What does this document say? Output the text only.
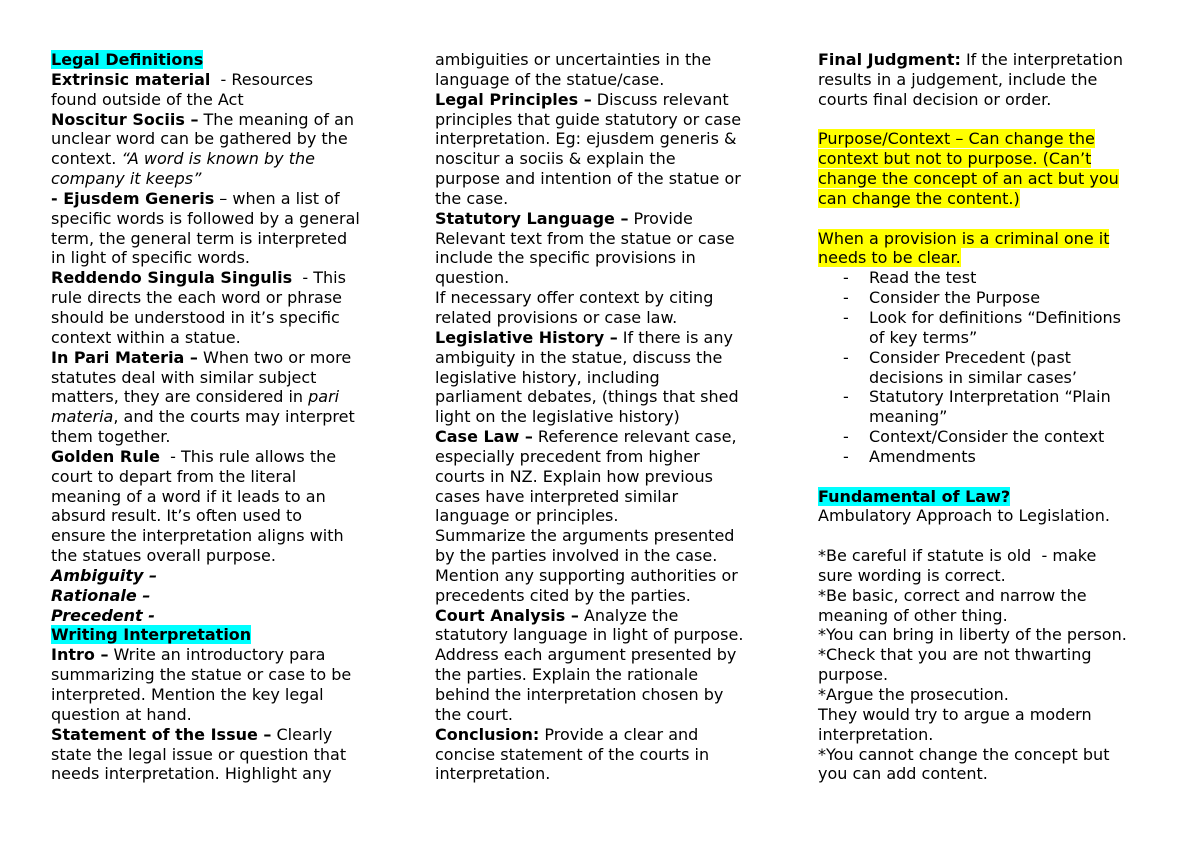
Legal Definitions
Extrinsic material  - Resources
found outside of the Act
Noscitur Sociis – The meaning of an
unclear word can be gathered by the
context. “A word is known by the
company it keeps”
- Ejusdem Generis – when a list of
specific words is followed by a general
term, the general term is interpreted
in light of specific words.
Reddendo Singula Singulis  - This
rule directs the each word or phrase
should be understood in it’s specific
context within a statue.
In Pari Materia – When two or more
statutes deal with similar subject
matters, they are considered in pari
materia, and the courts may interpret
them together.
Golden Rule  - This rule allows the
court to depart from the literal
meaning of a word if it leads to an
absurd result. It’s often used to
ensure the interpretation aligns with
the statues overall purpose.
Ambiguity –
Rationale –
Precedent -
Writing Interpretation
Intro – Write an introductory para
summarizing the statue or case to be
interpreted. Mention the key legal
question at hand.
Statement of the Issue – Clearly
state the legal issue or question that
needs interpretation. Highlight any
ambiguities or uncertainties in the
language of the statue/case.
Legal Principles – Discuss relevant
principles that guide statutory or case
interpretation. Eg: ejusdem generis &
noscitur a sociis & explain the
purpose and intention of the statue or
the case.
Statutory Language – Provide
Relevant text from the statue or case
include the specific provisions in
question.
If necessary offer context by citing
related provisions or case law.
Legislative History – If there is any
ambiguity in the statue, discuss the
legislative history, including
parliament debates, (things that shed
light on the legislative history)
Case Law – Reference relevant case,
especially precedent from higher
courts in NZ. Explain how previous
cases have interpreted similar
language or principles.
Summarize the arguments presented
by the parties involved in the case.
Mention any supporting authorities or
precedents cited by the parties.
Court Analysis – Analyze the
statutory language in light of purpose.
Address each argument presented by
the parties. Explain the rationale
behind the interpretation chosen by
the court.
Conclusion: Provide a clear and
concise statement of the courts in
interpretation.
Final Judgment: If the interpretation
results in a judgement, include the
courts final decision or order.
Purpose/Context – Can change the
context but not to purpose. (Can’t
change the concept of an act but you
can change the content.)
When a provision is a criminal one it
needs to be clear.
- Read the test
- Consider the Purpose
- Look for definitions “Definitions
of key terms”
- Consider Precedent (past
decisions in similar cases’
- Statutory Interpretation “Plain
meaning”
- Context/Consider the context
- Amendments
Fundamental of Law?
Ambulatory Approach to Legislation.
*Be careful if statute is old  - make
sure wording is correct.
*Be basic, correct and narrow the
meaning of other thing.
*You can bring in liberty of the person.
*Check that you are not thwarting
purpose.
*Argue the prosecution.
They would try to argue a modern
interpretation.
*You cannot change the concept but
you can add content.
